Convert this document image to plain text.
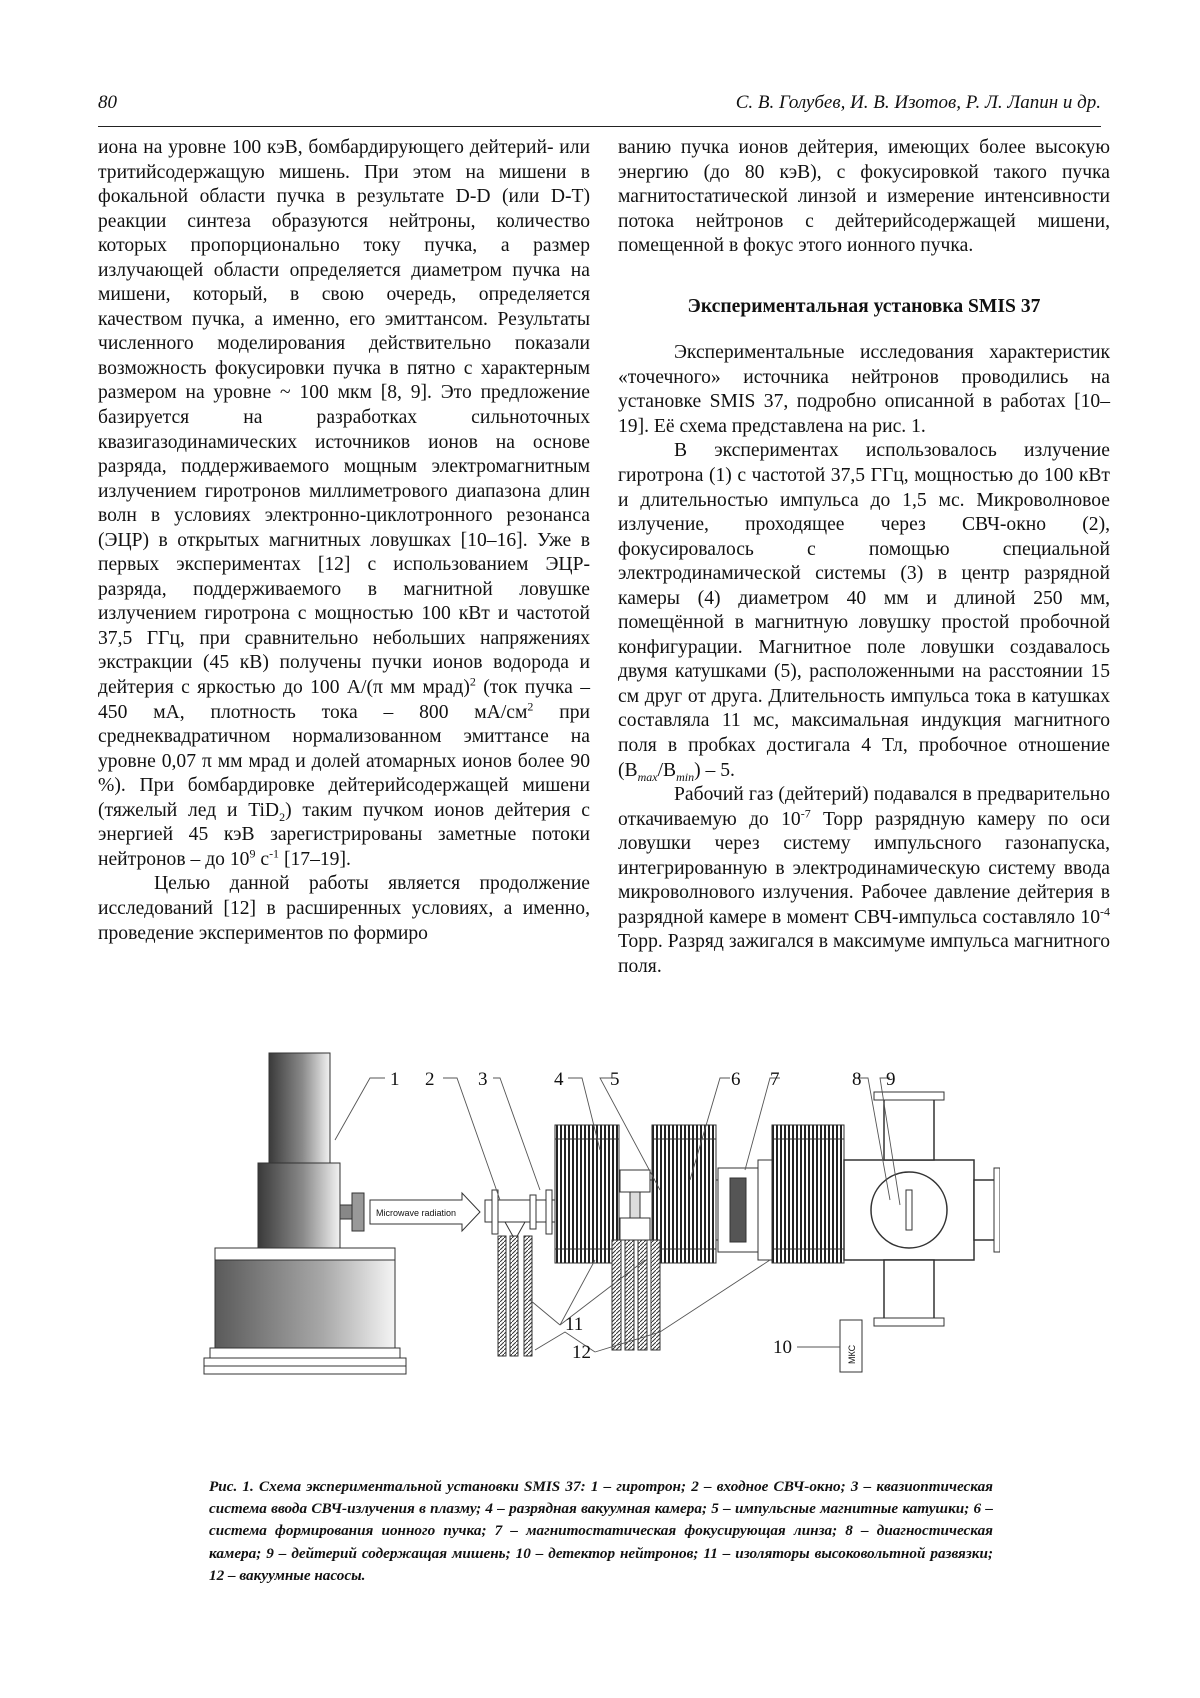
80	С. В. Голубев, И. В. Изотов, Р. Л. Лапин и др.

иона на уровне 100 кэВ, бомбардирующего дейтерий- или тритийсодержащую мишень. При этом на мишени в фокальной области пучка в результате D-D (или D-T) реакции синтеза образуются нейтроны, количество которых пропорционально току пучка, а размер излучающей области определяется диаметром пучка на мишени, который, в свою очередь, определяется качеством пучка, а именно, его эмиттансом. Результаты численного моделирования действительно показали возможность фокусировки пучка в пятно с характерным размером на уровне ~ 100 мкм [8, 9]. Это предложение базируется на разработках сильноточных квазигазодинамических источников ионов на основе разряда, поддерживаемого мощным электромагнитным излучением гиротронов миллиметрового диапазона длин волн в условиях электронно-циклотронного резонанса (ЭЦР) в открытых магнитных ловушках [10–16]. Уже в первых экспериментах [12] с использованием ЭЦР-разряда, поддерживаемого в магнитной ловушке излучением гиротрона с мощностью 100 кВт и частотой 37,5 ГГц, при сравнительно небольших напряжениях экстракции (45 кВ) получены пучки ионов водорода и дейтерия с яркостью до 100 А/(π мм мрад)$^2$ (ток пучка – 450 мА, плотность тока – 800 $мА/см^2$ при среднеквадратичном нормализованном эмиттансе на уровне 0,07 π мм мрад и долей атомарных ионов более 90 %). При бомбардировке дейтерийсодержащей мишени (тяжелый лед и TiD$_2$) таким пучком ионов дейтерия с энергией 45 кэВ зарегистрированы заметные потоки нейтронов – до $10^9$ $с^{-1}$ [17–19].

Целью данной работы является продолжение исследований [12] в расширенных условиях, а именно, проведение экспериментов по формиро

ванию пучка ионов дейтерия, имеющих более высокую энергию (до 80 кэВ), с фокусировкой такого пучка магнитостатической линзой и измерение интенсивности потока нейтронов с дейтерийсодержащей мишени, помещенной в фокус этого ионного пучка.

Экспериментальная установка SMIS 37

Экспериментальные исследования характеристик «точечного» источника нейтронов проводились на установке SMIS 37, подробно описанной в работах [10–19]. Её схема представлена на рис. 1.

В экспериментах использовалось излучение гиротрона (1) с частотой 37,5 ГГц, мощностью до 100 кВт и длительностью импульса до 1,5 мс. Микроволновое излучение, проходящее через СВЧ-окно (2), фокусировалось с помощью специальной электродинамической системы (3) в центр разрядной камеры (4) диаметром 40 мм и длиной 250 мм, помещённой в магнитную ловушку простой пробочной конфигурации. Магнитное поле ловушки создавалось двумя катушками (5), расположенными на расстоянии 15 см друг от друга. Длительность импульса тока в катушках составляла 11 мс, максимальная индукция магнитного поля в пробках достигала 4 Тл, пробочное отношение $(B_{max}/B_{min}) - 5$.

Рабочий газ (дейтерий) подавался в предварительно откачиваемую до $10^{-7}$ Торр разрядную камеру по оси ловушки через систему импульсного газонапуска, интегрированную в электродинамическую систему ввода микроволнового излучения. Рабочее давление дейтерия в разрядной камере в момент СВЧ-импульса составляло $10^{-4}$ Торр. Разряд зажигался в максимуме импульса магнитного поля.

Microwave radiation
МКС
1 2 3	4 5	6 7	8 9
10
11
12
Рис. 1. Схема экспериментальной установки SMIS 37: 1 – гиротрон; 2 – входное СВЧ-окно; 3 – квазиоптическая система ввода СВЧ-излучения в плазму; 4 – разрядная вакуумная камера; 5 – импульсные магнитные катушки; 6 – система формирования ионного пучка; 7 – магнитостатическая фокусирующая линза; 8 – диагностическая камера; 9 – дейтерий содержащая мишень; 10 – детектор нейтронов; 11 – изоляторы высоковольтной развязки; 12 – вакуумные насосы.
